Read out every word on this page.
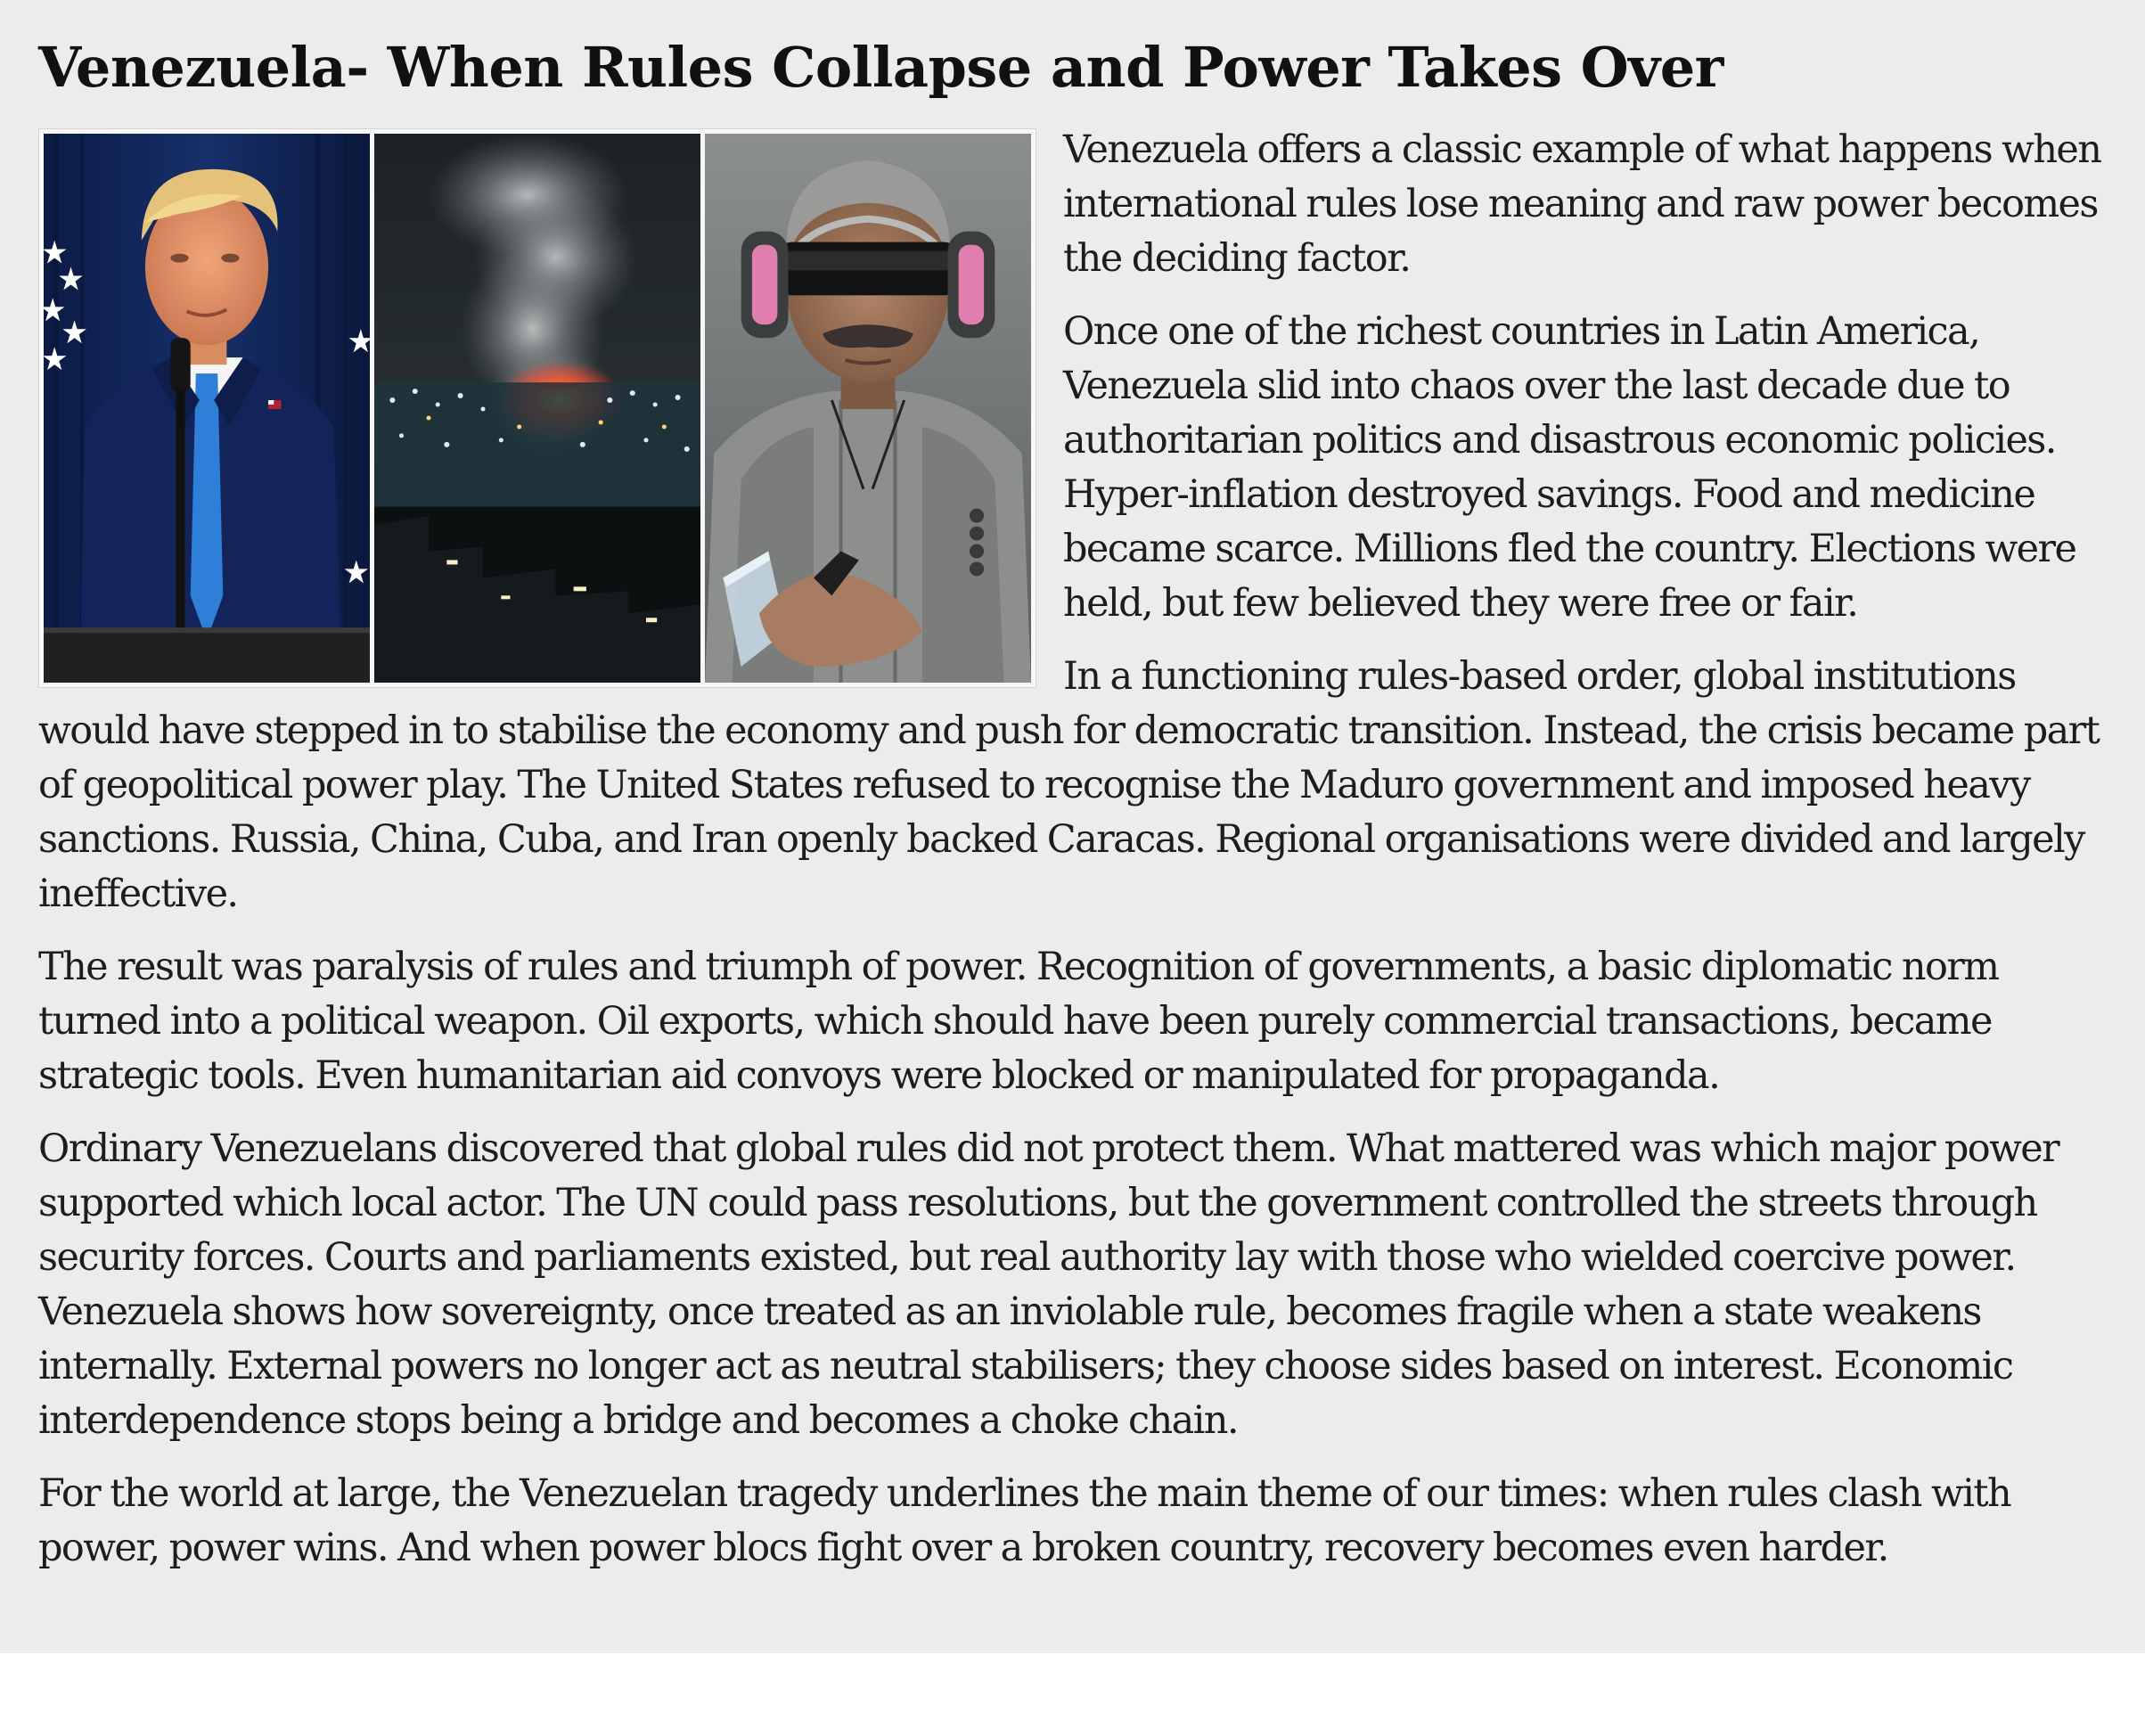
Venezuela- When Rules Collapse and Power Takes Over

Venezuela offers a classic example of what happens when international rules lose meaning and raw power becomes the deciding factor.

Once one of the richest countries in Latin America, Venezuela slid into chaos over the last decade due to authoritarian politics and disastrous economic policies. Hyper-inflation destroyed savings. Food and medicine became scarce. Millions fled the country. Elections were held, but few believed they were free or fair.

In a functioning rules-based order, global institutions would have stepped in to stabilise the economy and push for democratic transition. Instead, the crisis became part of geopolitical power play. The United States refused to recognise the Maduro government and imposed heavy sanctions. Russia, China, Cuba, and Iran openly backed Caracas. Regional organisations were divided and largely ineffective.

The result was paralysis of rules and triumph of power. Recognition of governments, a basic diplomatic norm turned into a political weapon. Oil exports, which should have been purely commercial transactions, became strategic tools. Even humanitarian aid convoys were blocked or manipulated for propaganda.

Ordinary Venezuelans discovered that global rules did not protect them. What mattered was which major power supported which local actor. The UN could pass resolutions, but the government controlled the streets through security forces. Courts and parliaments existed, but real authority lay with those who wielded coercive power. Venezuela shows how sovereignty, once treated as an inviolable rule, becomes fragile when a state weakens internally. External powers no longer act as neutral stabilisers; they choose sides based on interest. Economic interdependence stops being a bridge and becomes a choke chain.

For the world at large, the Venezuelan tragedy underlines the main theme of our times: when rules clash with power, power wins. And when power blocs fight over a broken country, recovery becomes even harder.
